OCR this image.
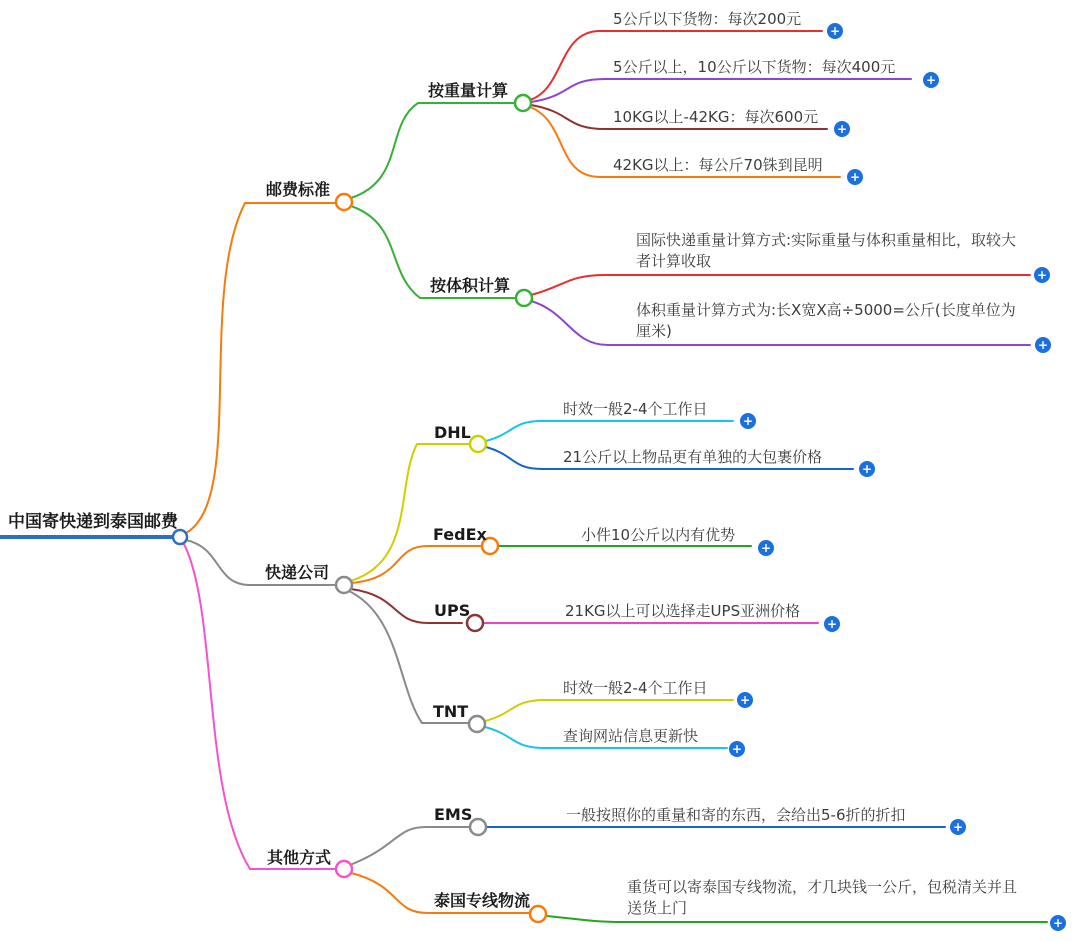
中国寄快递到泰国邮费
邮费标准
快递公司
其他方式
按重量计算
按体积计算
DHL
FedEx
UPS
TNT
EMS
泰国专线物流
5公斤以下货物：每次200元
5公斤以上，10公斤以下货物：每次400元
10KG以上-42KG：每次600元
42KG以上：每公斤70铢到昆明
国际快递重量计算方式:实际重量与体积重量相比，取较大者计算收取
体积重量计算方式为:长X宽X高÷5000=公斤(长度单位为厘米)
时效一般2-4个工作日
21公斤以上物品更有单独的大包裹价格
小件10公斤以内有优势
21KG以上可以选择走UPS亚洲价格
时效一般2-4个工作日
查询网站信息更新快
一般按照你的重量和寄的东西，会给出5-6折的折扣
重货可以寄泰国专线物流，才几块钱一公斤，包税清关并且送货上门
+
+
+
+
+
+
+
+
+
+
+
+
+
+
